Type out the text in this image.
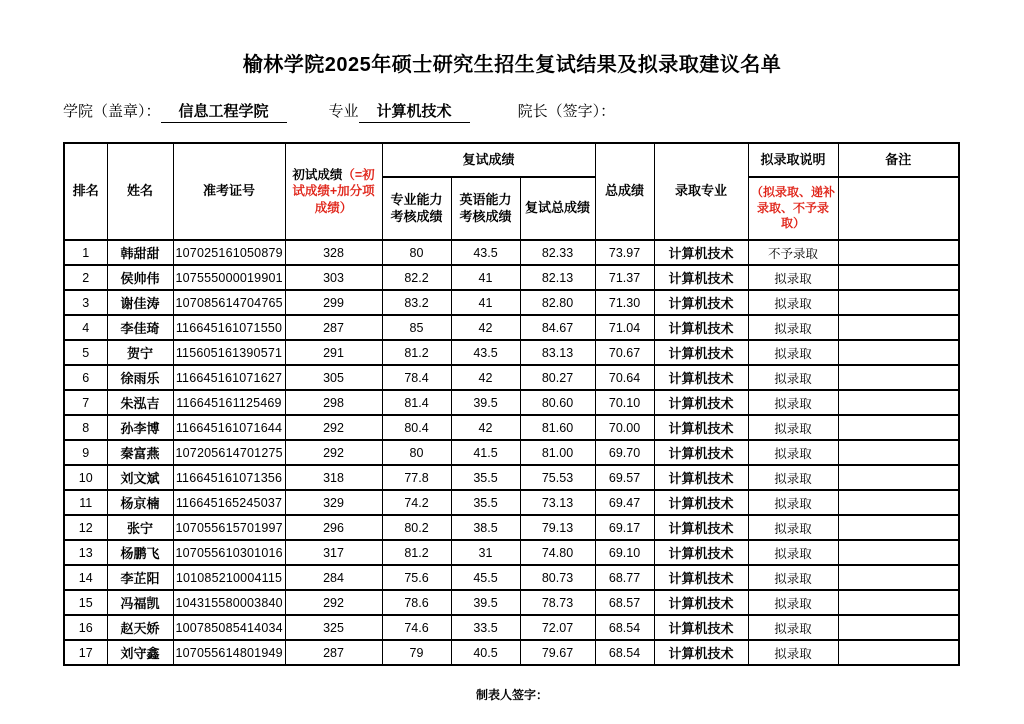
榆林学院2025年硕士研究生招生复试结果及拟录取建议名单
学院（盖章）： 信息工程学院	专业 计算机技术	院长（签字）：
排名	姓名	准考证号	初试成绩（=初试成绩+加分项成绩）	复试成绩			总成绩	录取专业	拟录取说明	备注
				专业能力考核成绩	英语能力考核成绩	复试总成绩			（拟录取、递补录取、不予录取）	
1	韩甜甜	107025161050879	328	80	43.5	82.33	73.97	计算机技术	不予录取	
2	侯帅伟	107555000019901	303	82.2	41	82.13	71.37	计算机技术	拟录取	
3	谢佳涛	107085614704765	299	83.2	41	82.80	71.30	计算机技术	拟录取	
4	李佳琦	116645161071550	287	85	42	84.67	71.04	计算机技术	拟录取	
5	贺宁	115605161390571	291	81.2	43.5	83.13	70.67	计算机技术	拟录取	
6	徐雨乐	116645161071627	305	78.4	42	80.27	70.64	计算机技术	拟录取	
7	朱泓吉	116645161125469	298	81.4	39.5	80.60	70.10	计算机技术	拟录取	
8	孙李博	116645161071644	292	80.4	42	81.60	70.00	计算机技术	拟录取	
9	秦富燕	107205614701275	292	80	41.5	81.00	69.70	计算机技术	拟录取	
10	刘文斌	116645161071356	318	77.8	35.5	75.53	69.57	计算机技术	拟录取	
11	杨京楠	116645165245037	329	74.2	35.5	73.13	69.47	计算机技术	拟录取	
12	张宁	107055615701997	296	80.2	38.5	79.13	69.17	计算机技术	拟录取	
13	杨鹏飞	107055610301016	317	81.2	31	74.80	69.10	计算机技术	拟录取	
14	李芷阳	101085210004115	284	75.6	45.5	80.73	68.77	计算机技术	拟录取	
15	冯福凯	104315580003840	292	78.6	39.5	78.73	68.57	计算机技术	拟录取	
16	赵天娇	100785085414034	325	74.6	33.5	72.07	68.54	计算机技术	拟录取	
17	刘守鑫	107055614801949	287	79	40.5	79.67	68.54	计算机技术	拟录取	
制表人签字：
